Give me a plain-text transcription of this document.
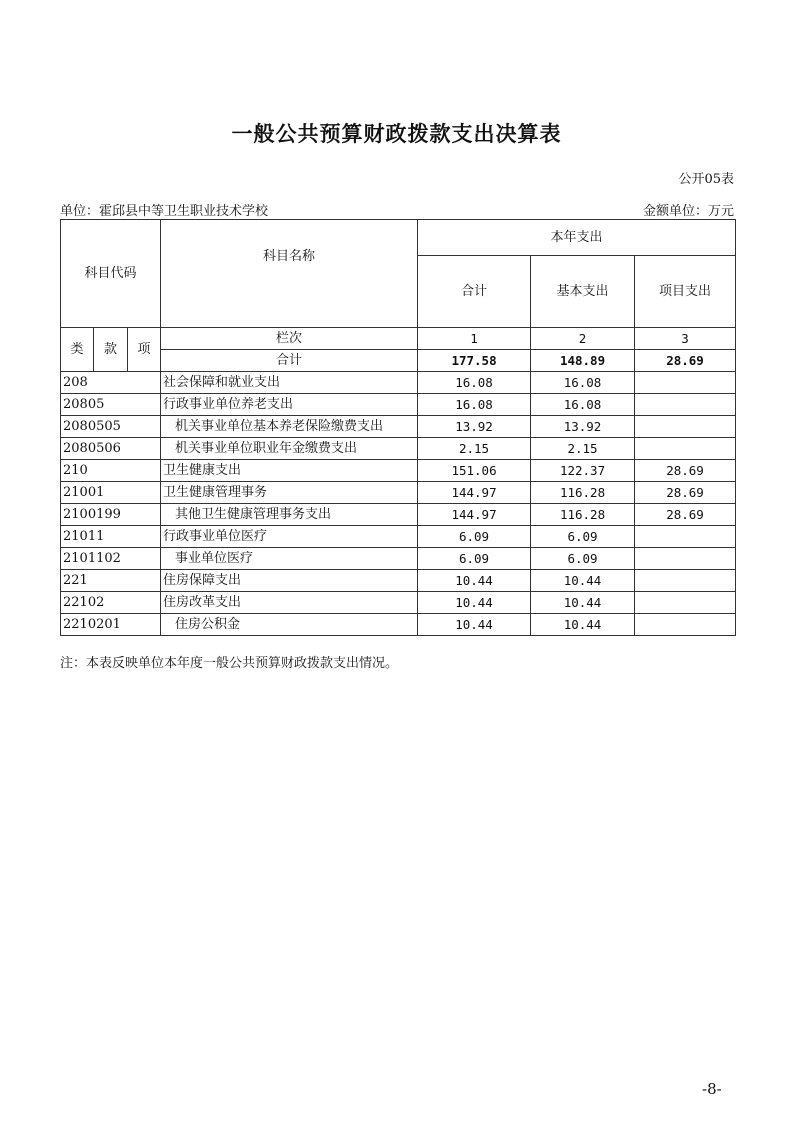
一般公共预算财政拨款支出决算表
公开05表
单位：霍邱县中等卫生职业技术学校	金额单位：万元
科目代码			科目名称	本年支出		
				合计	基本支出	项目支出
类	款	项	栏次	1	2	3
			合计	177.58	148.89	28.69
208			社会保障和就业支出	16.08	16.08	
20805			行政事业单位养老支出	16.08	16.08	
2080505			机关事业单位基本养老保险缴费支出	13.92	13.92	
2080506			机关事业单位职业年金缴费支出	2.15	2.15	
210			卫生健康支出	151.06	122.37	28.69
21001			卫生健康管理事务	144.97	116.28	28.69
2100199			其他卫生健康管理事务支出	144.97	116.28	28.69
21011			行政事业单位医疗	6.09	6.09	
2101102			事业单位医疗	6.09	6.09	
221			住房保障支出	10.44	10.44	
22102			住房改革支出	10.44	10.44	
2210201			住房公积金	10.44	10.44	
注：本表反映单位本年度一般公共预算财政拨款支出情况。
-8-
